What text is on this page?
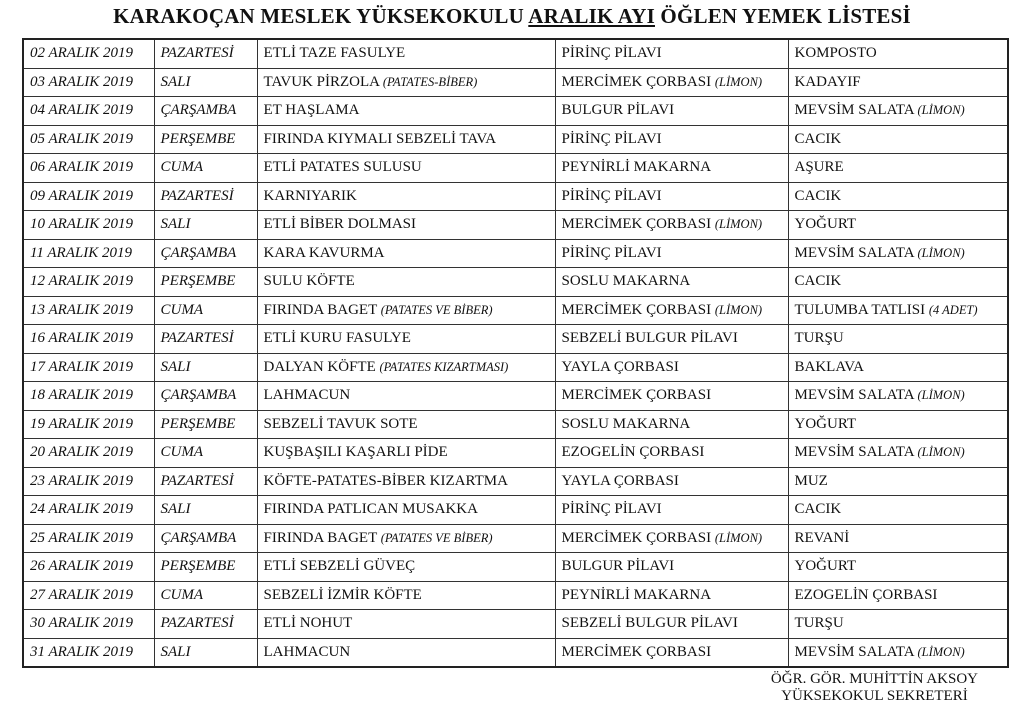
KARAKOÇAN MESLEK YÜKSEKOKULU ARALIK AYI ÖĞLEN YEMEK LİSTESİ
02 ARALIK 2019	PAZARTESİ	ETLİ TAZE FASULYE	PİRİNÇ PİLAVI	KOMPOSTO
03 ARALIK 2019	SALI	TAVUK PİRZOLA (PATATES-BİBER)	MERCİMEK ÇORBASI (LİMON)	KADAYIF
04 ARALIK 2019	ÇARŞAMBA	ET HAŞLAMA	BULGUR PİLAVI	MEVSİM SALATA (LİMON)
05 ARALIK 2019	PERŞEMBE	FIRINDA KIYMALI SEBZELİ TAVA	PİRİNÇ PİLAVI	CACIK
06 ARALIK 2019	CUMA	ETLİ PATATES SULUSU	PEYNİRLİ MAKARNA	AŞURE
09 ARALIK 2019	PAZARTESİ	KARNIYARIK	PİRİNÇ PİLAVI	CACIK
10 ARALIK 2019	SALI	ETLİ BİBER DOLMASI	MERCİMEK ÇORBASI (LİMON)	YOĞURT
11 ARALIK 2019	ÇARŞAMBA	KARA KAVURMA	PİRİNÇ PİLAVI	MEVSİM SALATA (LİMON)
12 ARALIK 2019	PERŞEMBE	SULU KÖFTE	SOSLU MAKARNA	CACIK
13 ARALIK 2019	CUMA	FIRINDA BAGET (PATATES VE BİBER)	MERCİMEK ÇORBASI (LİMON)	TULUMBA TATLISI (4 ADET)
16 ARALIK 2019	PAZARTESİ	ETLİ KURU FASULYE	SEBZELİ BULGUR PİLAVI	TURŞU
17 ARALIK 2019	SALI	DALYAN KÖFTE (PATATES KIZARTMASI)	YAYLA ÇORBASI	BAKLAVA
18 ARALIK 2019	ÇARŞAMBA	LAHMACUN	MERCİMEK ÇORBASI	MEVSİM SALATA (LİMON)
19 ARALIK 2019	PERŞEMBE	SEBZELİ TAVUK SOTE	SOSLU MAKARNA	YOĞURT
20 ARALIK 2019	CUMA	KUŞBAŞILI KAŞARLI PİDE	EZOGELİN ÇORBASI	MEVSİM SALATA (LİMON)
23 ARALIK 2019	PAZARTESİ	KÖFTE-PATATES-BİBER KIZARTMA	YAYLA ÇORBASI	MUZ
24 ARALIK 2019	SALI	FIRINDA PATLICAN MUSAKKA	PİRİNÇ PİLAVI	CACIK
25 ARALIK 2019	ÇARŞAMBA	FIRINDA BAGET (PATATES VE BİBER)	MERCİMEK ÇORBASI (LİMON)	REVANİ
26 ARALIK 2019	PERŞEMBE	ETLİ SEBZELİ GÜVEÇ	BULGUR PİLAVI	YOĞURT
27 ARALIK 2019	CUMA	SEBZELİ İZMİR KÖFTE	PEYNİRLİ MAKARNA	EZOGELİN ÇORBASI
30 ARALIK 2019	PAZARTESİ	ETLİ NOHUT	SEBZELİ BULGUR PİLAVI	TURŞU
31 ARALIK 2019	SALI	LAHMACUN	MERCİMEK ÇORBASI	MEVSİM SALATA (LİMON)
ÖĞR. GÖR. MUHİTTİN AKSOY
YÜKSEKOKUL SEKRETERİ
